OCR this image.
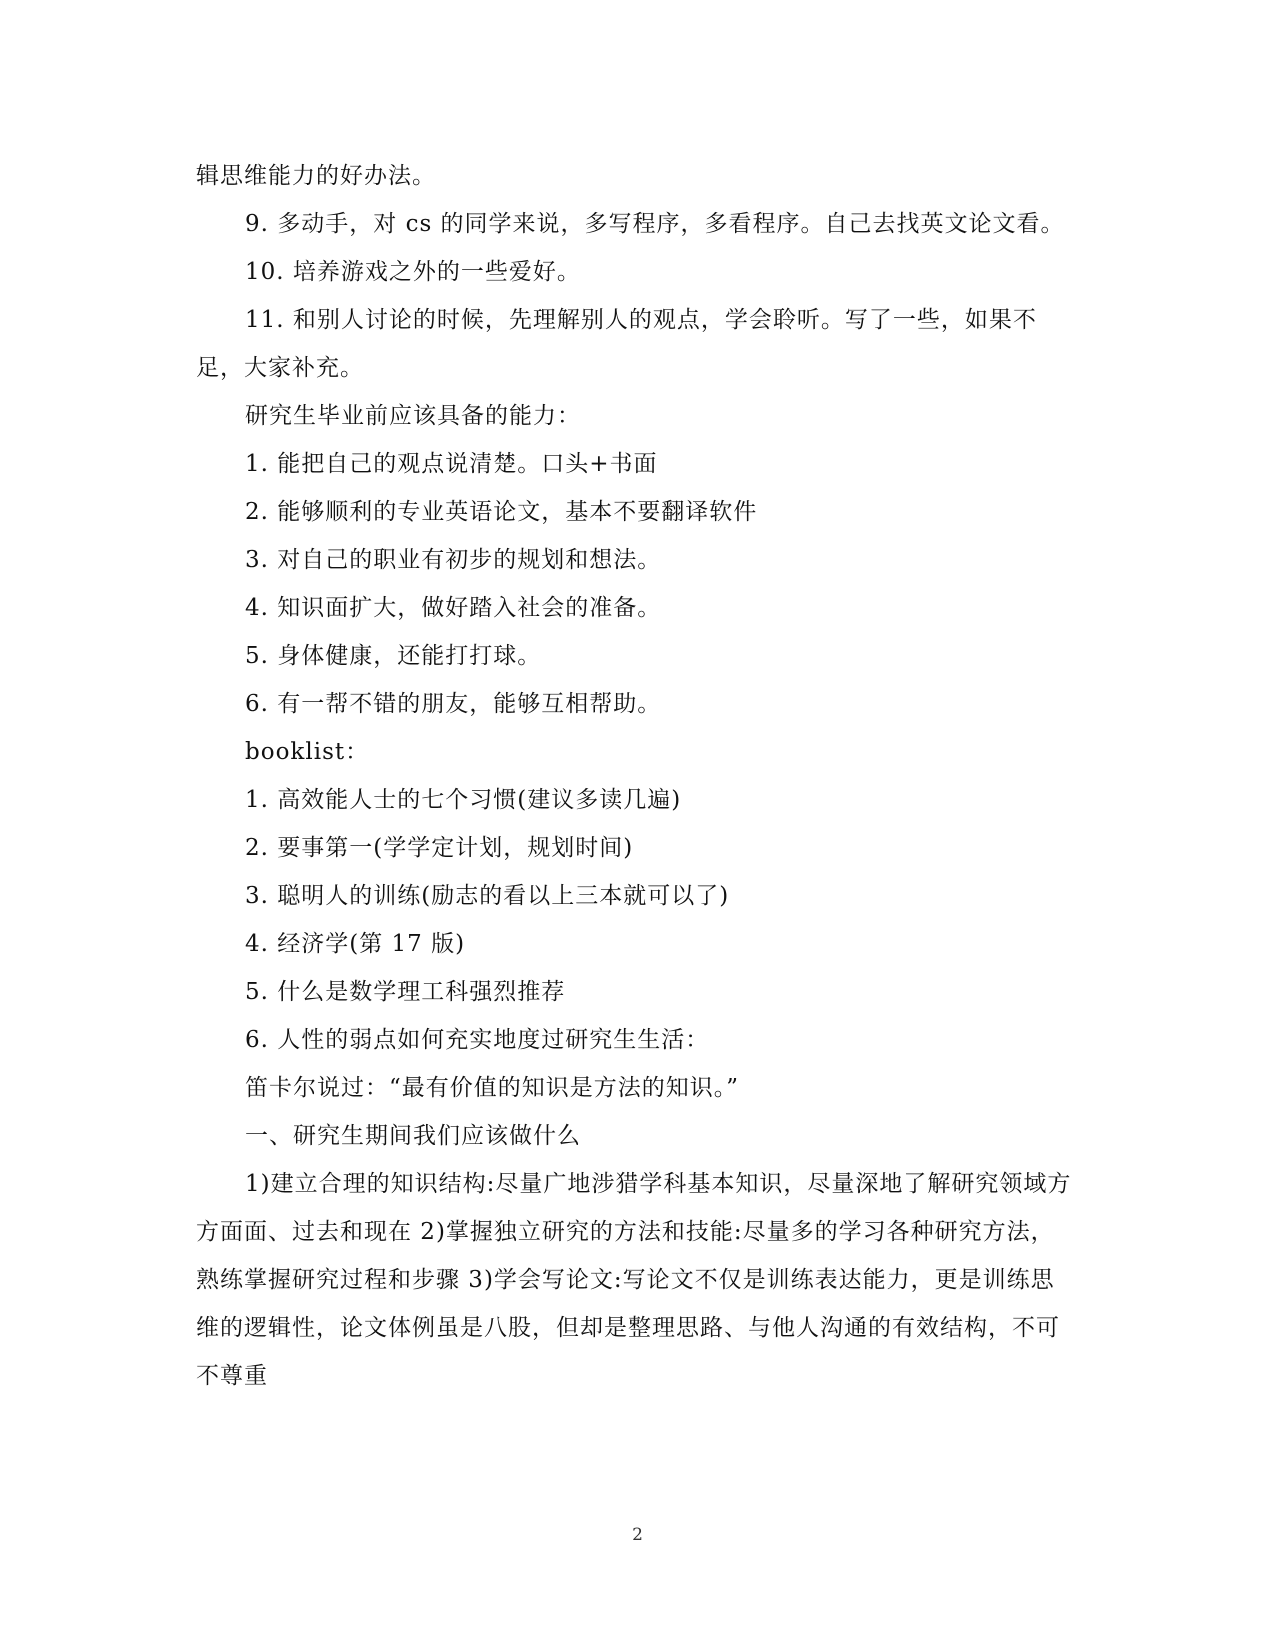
辑思维能力的好办法。

9. 多动手，对 cs 的同学来说，多写程序，多看程序。自己去找英文论文看。

10. 培养游戏之外的一些爱好。

11. 和别人讨论的时候，先理解别人的观点，学会聆听。写了一些，如果不足，大家补充。

研究生毕业前应该具备的能力：

1. 能把自己的观点说清楚。口头+书面

2. 能够顺利的专业英语论文，基本不要翻译软件

3. 对自己的职业有初步的规划和想法。

4. 知识面扩大，做好踏入社会的准备。

5. 身体健康，还能打打球。

6. 有一帮不错的朋友，能够互相帮助。

booklist：

1. 高效能人士的七个习惯(建议多读几遍)

2. 要事第一(学学定计划，规划时间)

3. 聪明人的训练(励志的看以上三本就可以了)

4. 经济学(第 17 版)

5. 什么是数学理工科强烈推荐

6. 人性的弱点如何充实地度过研究生生活：

笛卡尔说过：“最有价值的知识是方法的知识。”

一、研究生期间我们应该做什么

1)建立合理的知识结构:尽量广地涉猎学科基本知识，尽量深地了解研究领域方方面面、过去和现在 2)掌握独立研究的方法和技能:尽量多的学习各种研究方法，熟练掌握研究过程和步骤 3)学会写论文:写论文不仅是训练表达能力，更是训练思维的逻辑性，论文体例虽是八股，但却是整理思路、与他人沟通的有效结构，不可不尊重

2
